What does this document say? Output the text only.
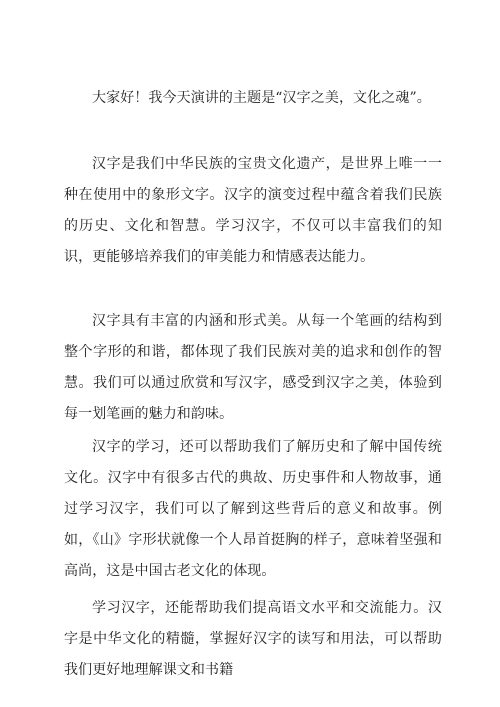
大家好！我今天演讲的主题是“汉字之美，文化之魂”。

汉字是我们中华民族的宝贵文化遗产，是世界上唯一一种在使用中的象形文字。汉字的演变过程中蕴含着我们民族的历史、文化和智慧。学习汉字，不仅可以丰富我们的知识，更能够培养我们的审美能力和情感表达能力。

汉字具有丰富的内涵和形式美。从每一个笔画的结构到整个字形的和谐，都体现了我们民族对美的追求和创作的智慧。我们可以通过欣赏和写汉字，感受到汉字之美，体验到每一划笔画的魅力和韵味。

汉字的学习，还可以帮助我们了解历史和了解中国传统文化。汉字中有很多古代的典故、历史事件和人物故事，通过学习汉字，我们可以了解到这些背后的意义和故事。例如，《山》字形状就像一个人昂首挺胸的样子，意味着坚强和高尚，这是中国古老文化的体现。

学习汉字，还能帮助我们提高语文水平和交流能力。汉字是中华文化的精髓，掌握好汉字的读写和用法，可以帮助我们更好地理解课文和书籍
